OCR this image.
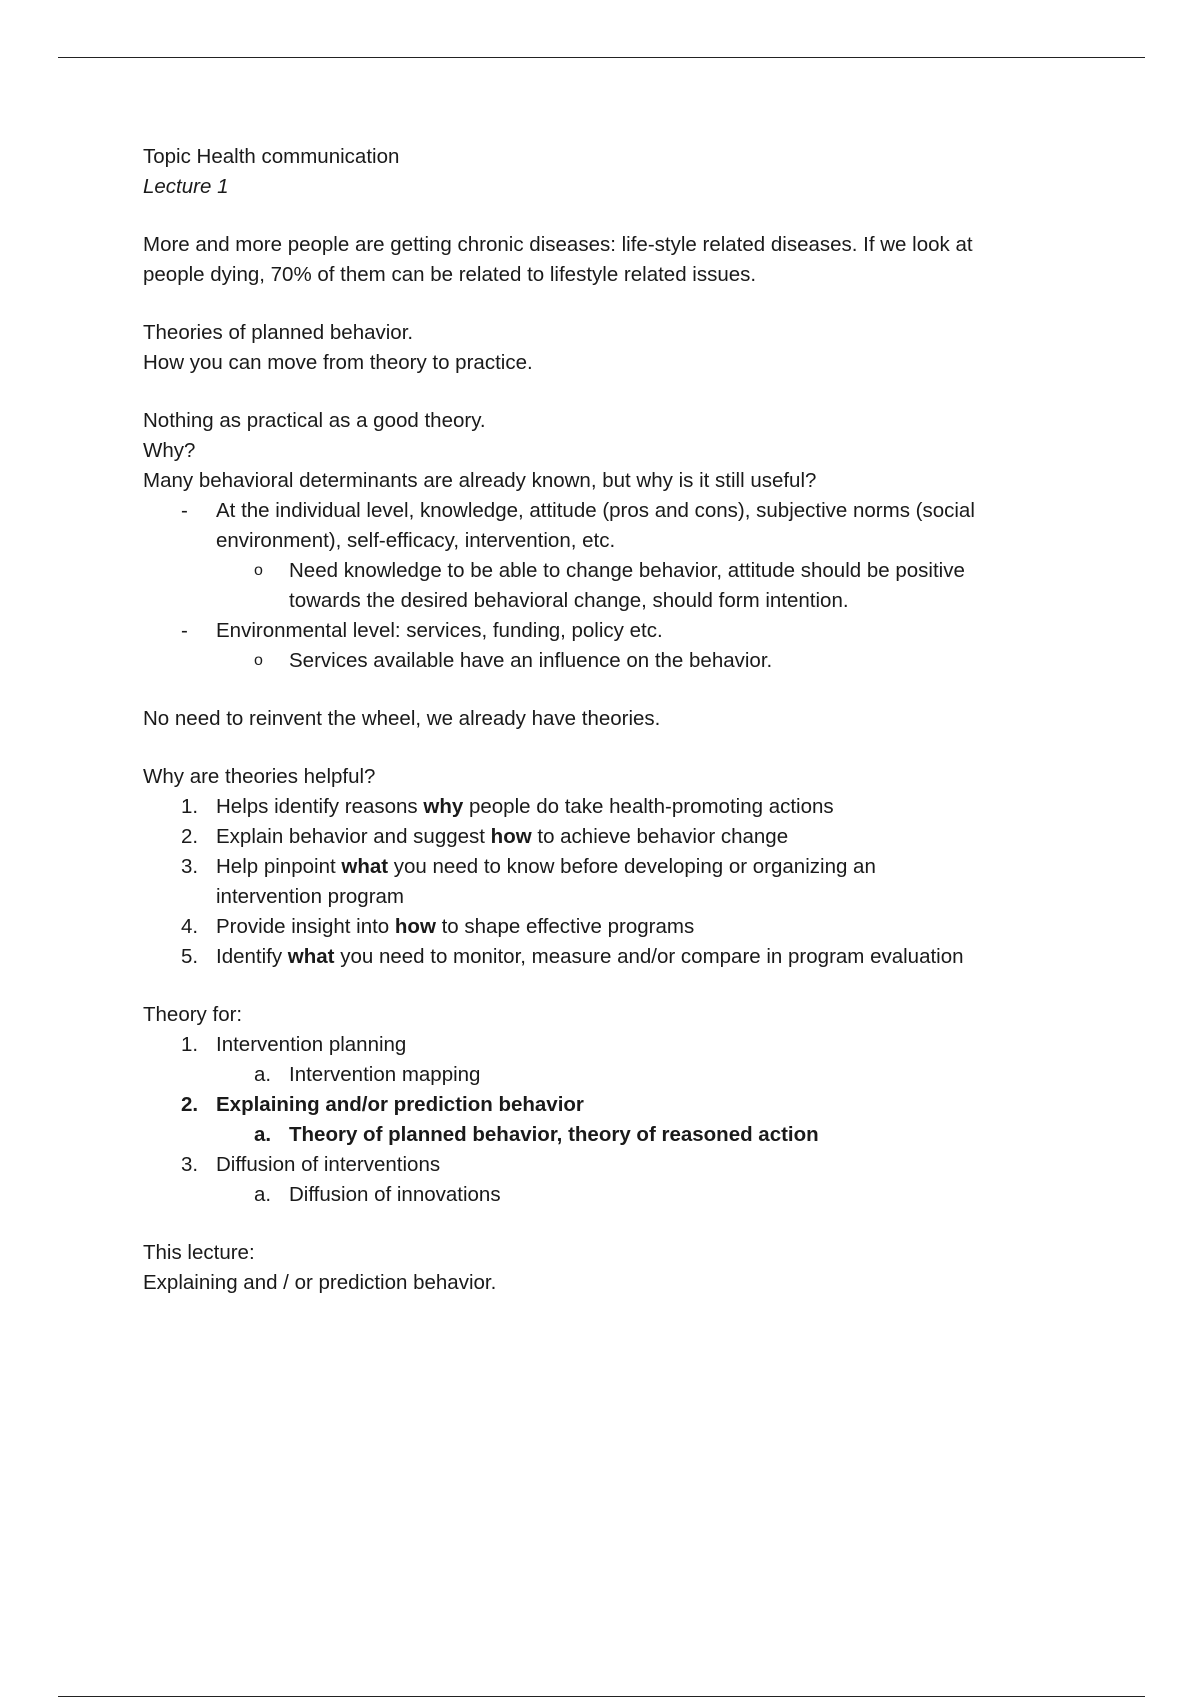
Topic Health communication
Lecture 1
More and more people are getting chronic diseases: life-style related diseases. If we look at
people dying, 70% of them can be related to lifestyle related issues.
Theories of planned behavior.
How you can move from theory to practice.
Nothing as practical as a good theory.
Why?
Many behavioral determinants are already known, but why is it still useful?
- At the individual level, knowledge, attitude (pros and cons), subjective norms (social
environment), self-efficacy, intervention, etc.
o Need knowledge to be able to change behavior, attitude should be positive
towards the desired behavioral change, should form intention.
- Environmental level: services, funding, policy etc.
o Services available have an influence on the behavior.
No need to reinvent the wheel, we already have theories.
Why are theories helpful?
1. Helps identify reasons why people do take health-promoting actions
2. Explain behavior and suggest how to achieve behavior change
3. Help pinpoint what you need to know before developing or organizing an
intervention program
4. Provide insight into how to shape effective programs
5. Identify what you need to monitor, measure and/or compare in program evaluation
Theory for:
1. Intervention planning
a. Intervention mapping
2. Explaining and/or prediction behavior
a. Theory of planned behavior, theory of reasoned action
3. Diffusion of interventions
a. Diffusion of innovations
This lecture:
Explaining and / or prediction behavior.
